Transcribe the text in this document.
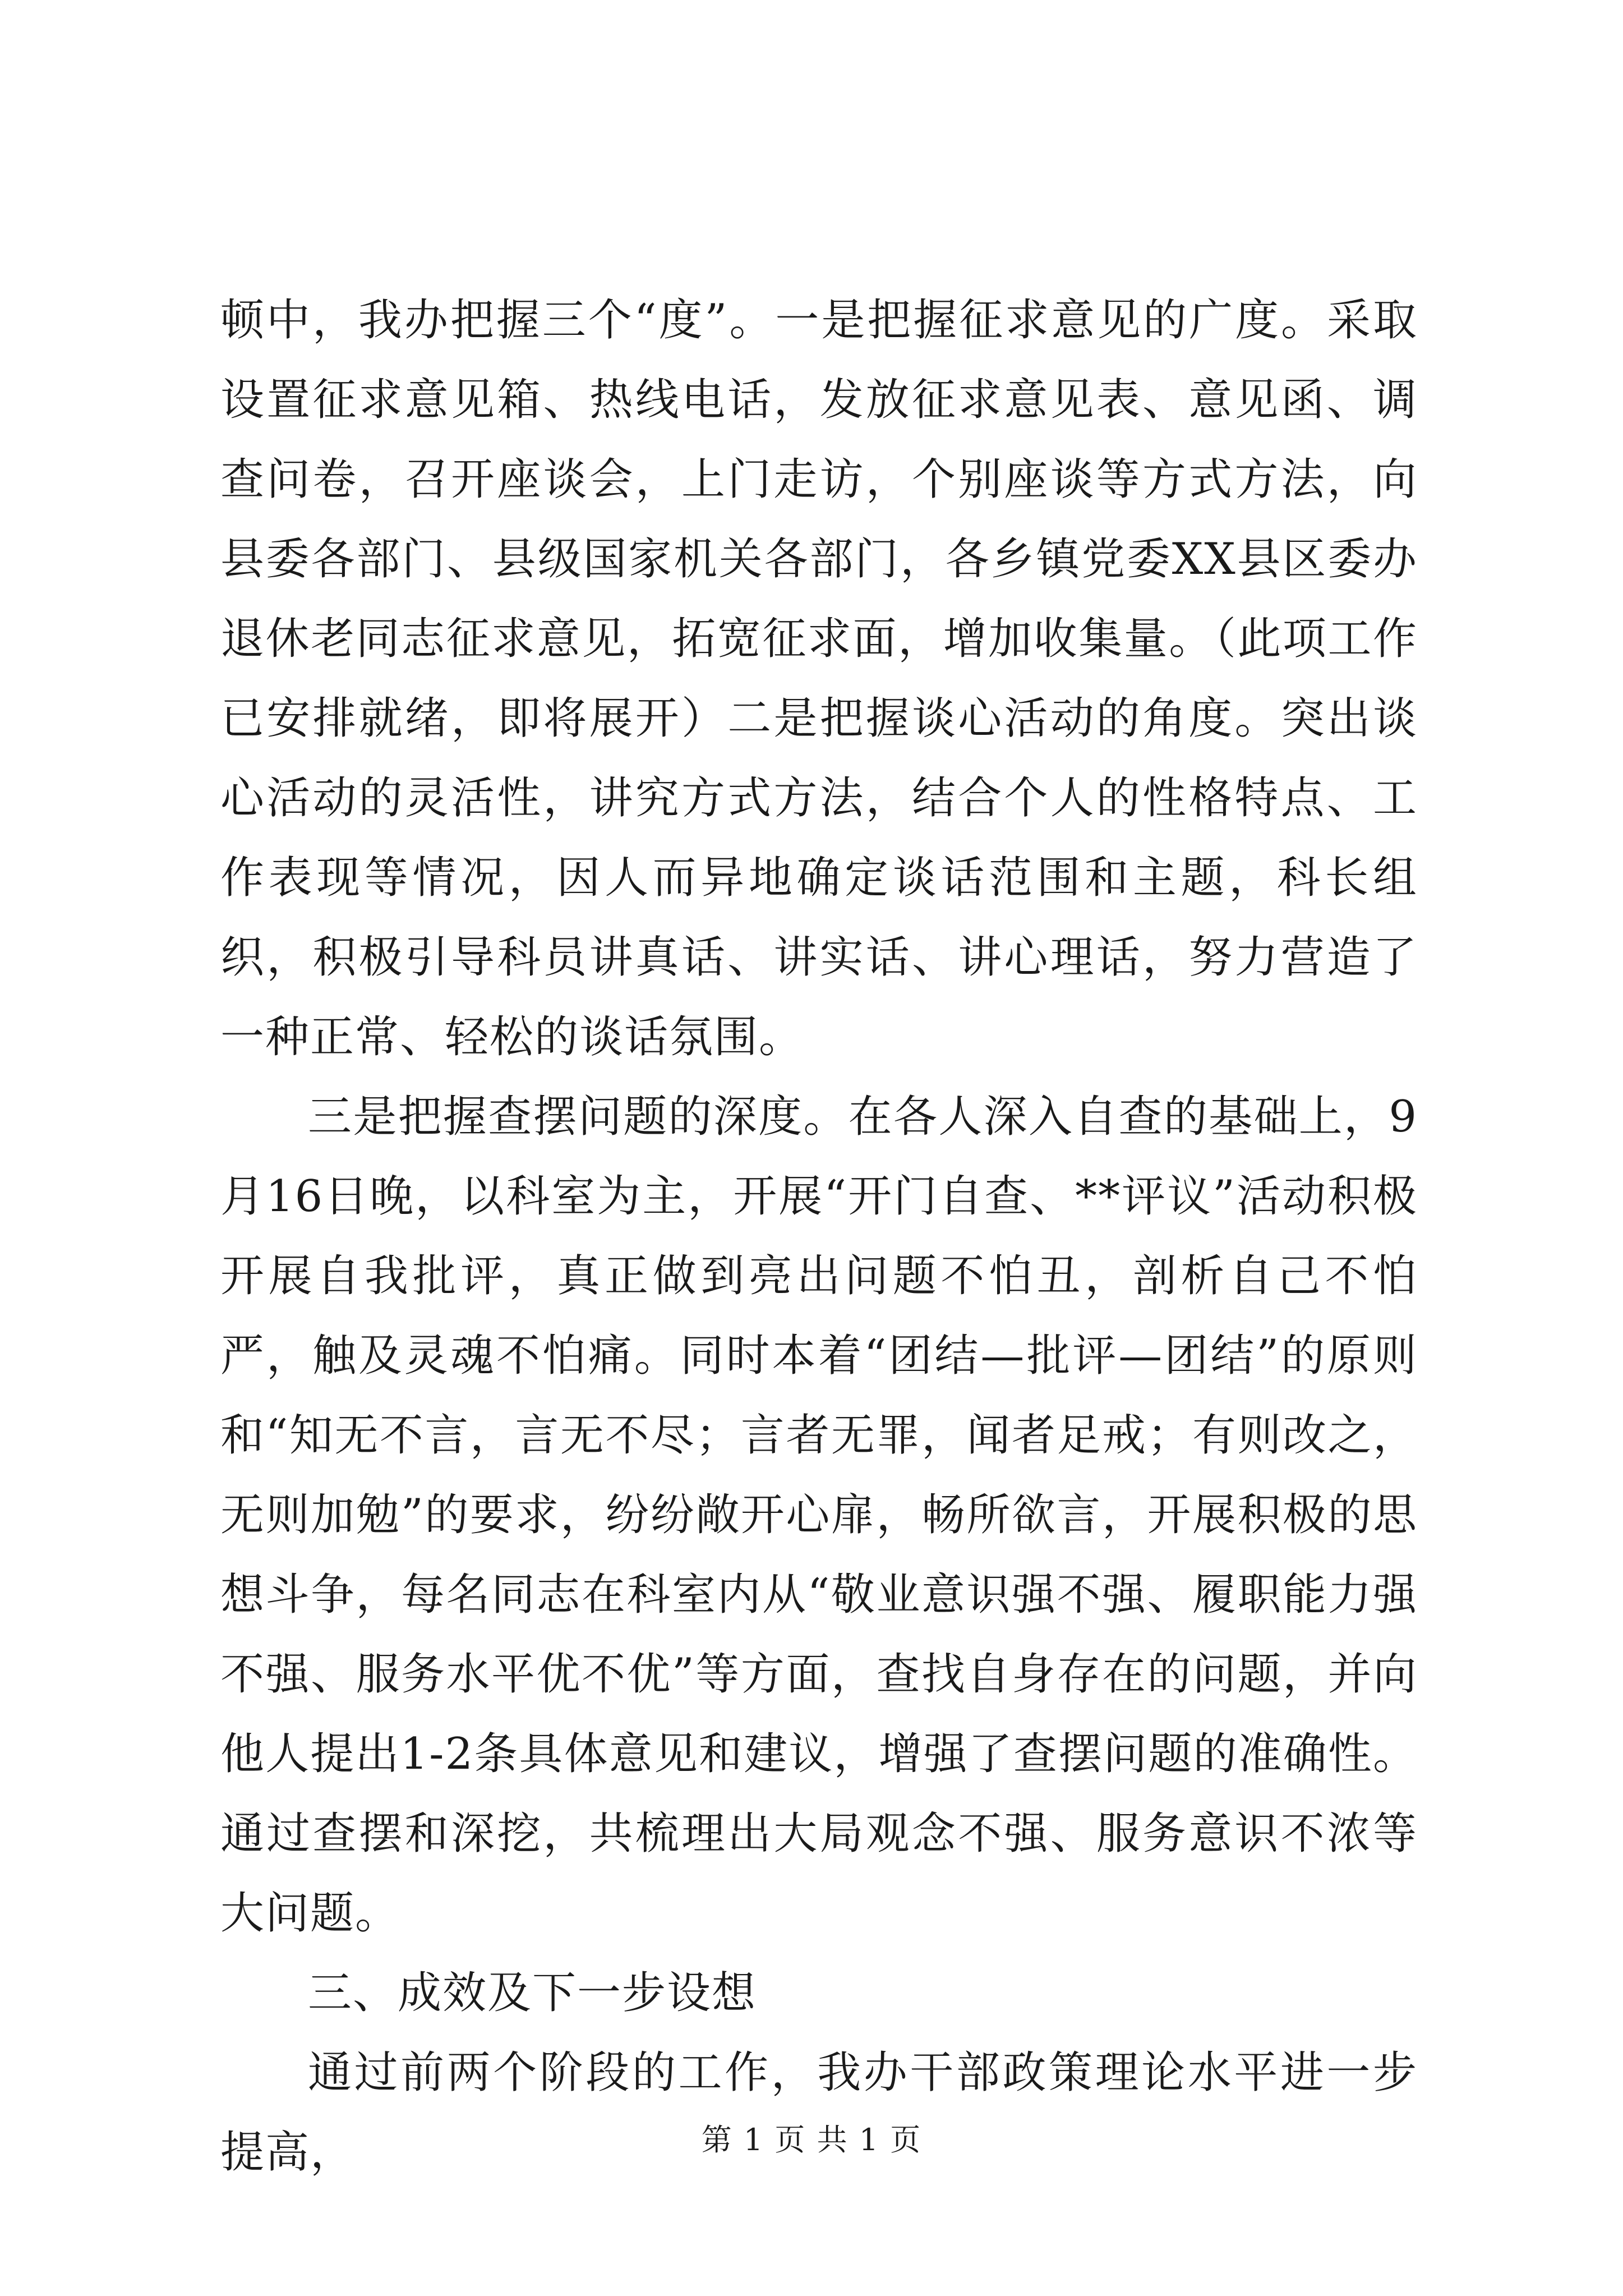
顿中，我办把握三个“度”。一是把握征求意见的广度。采取设置征求意见箱、热线电话，发放征求意见表、意见函、调查问卷，召开座谈会，上门走访，个别座谈等方式方法，向县委各部门、县级国家机关各部门，各乡镇党委XX县区委办退休老同志征求意见，拓宽征求面，增加收集量。（此项工作已安排就绪，即将展开）二是把握谈心活动的角度。突出谈心活动的灵活性，讲究方式方法，结合个人的性格特点、工作表现等情况，因人而异地确定谈话范围和主题，科长组织，积极引导科员讲真话、讲实话、讲心理话，努力营造了一种正常、轻松的谈话氛围。

三是把握查摆问题的深度。在各人深入自查的基础上，9月16日晚，以科室为主，开展“开门自查、**评议”活动积极开展自我批评，真正做到亮出问题不怕丑，剖析自己不怕严，触及灵魂不怕痛。同时本着“团结—批评—团结”的原则和“知无不言，言无不尽；言者无罪，闻者足戒；有则改之，无则加勉”的要求，纷纷敞开心扉，畅所欲言，开展积极的思想斗争，每名同志在科室内从“敬业意识强不强、履职能力强不强、服务水平优不优”等方面，查找自身存在的问题，并向他人提出1-2条具体意见和建议，增强了查摆问题的准确性。通过查摆和深挖，共梳理出大局观念不强、服务意识不浓等大问题。

三、成效及下一步设想

通过前两个阶段的工作，我办干部政策理论水平进一步提高，	第 1 页 共 1 页
